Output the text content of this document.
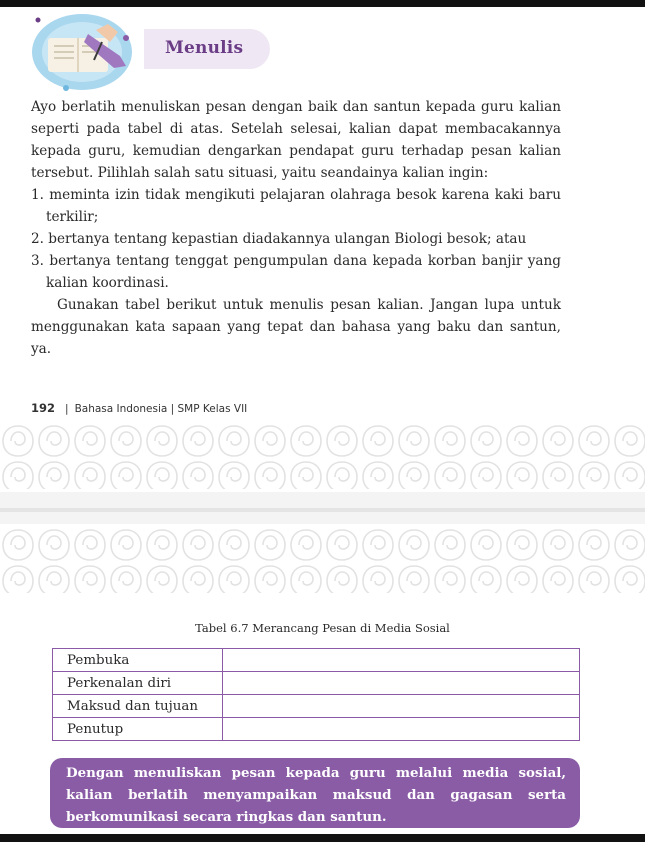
Menulis

Ayo berlatih menuliskan pesan dengan baik dan santun kepada guru kalian seperti pada tabel di atas. Setelah selesai, kalian dapat membacakannya kepada guru, kemudian dengarkan pendapat guru terhadap pesan kalian tersebut. Pilihlah salah satu situasi, yaitu seandainya kalian ingin:

1. meminta izin tidak mengikuti pelajaran olahraga besok karena kaki baru terkilir;
2. bertanya tentang kepastian diadakannya ulangan Biologi besok; atau
3. bertanya tentang tenggat pengumpulan dana kepada korban banjir yang kalian koordinasi.

Gunakan tabel berikut untuk menulis pesan kalian. Jangan lupa untuk menggunakan kata sapaan yang tepat dan bahasa yang baku dan santun, ya.

192 | Bahasa Indonesia | SMP Kelas VII
Tabel 6.7 Merancang Pesan di Media Sosial
Pembuka	
Perkenalan diri	
Maksud dan tujuan	
Penutup	
Dengan menuliskan pesan kepada guru melalui media sosial, kalian berlatih menyampaikan maksud dan gagasan serta berkomunikasi secara ringkas dan santun.
